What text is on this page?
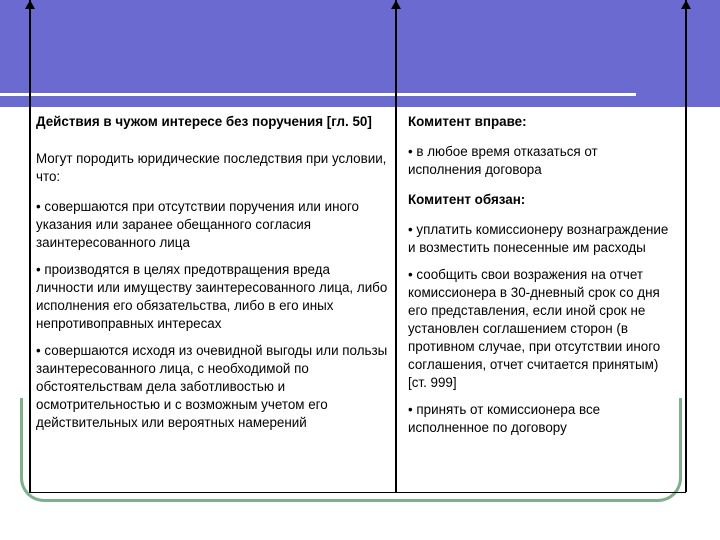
Действия в чужом интересе без поручения [гл. 50]

Могут породить юридические последствия при условии, что:

• совершаются при отсутствии поручения или иного указания или заранее обещанного согласия заинтересованного лица

• производятся в целях предотвращения вреда личности или имуществу заинтересованного лица, либо исполнения его обязательства, либо в его иных непротивоправных интересах

• совершаются исходя из очевидной выгоды или пользы заинтересованного лица, с необходимой по обстоятельствам дела заботливостью и осмотрительностью и с возможным учетом его действительных или вероятных намерений

Комитент вправе:

• в любое время отказаться от исполнения договора

Комитент обязан:

• уплатить комиссионеру вознаграждение и возместить понесенные им расходы

• сообщить свои возражения на отчет комиссионера в 30-дневный срок со дня его представления, если иной срок не установлен соглашением сторон (в противном случае, при отсутствии иного соглашения, отчет считается принятым) [ст. 999]

• принять от комиссионера все исполненное по договору
